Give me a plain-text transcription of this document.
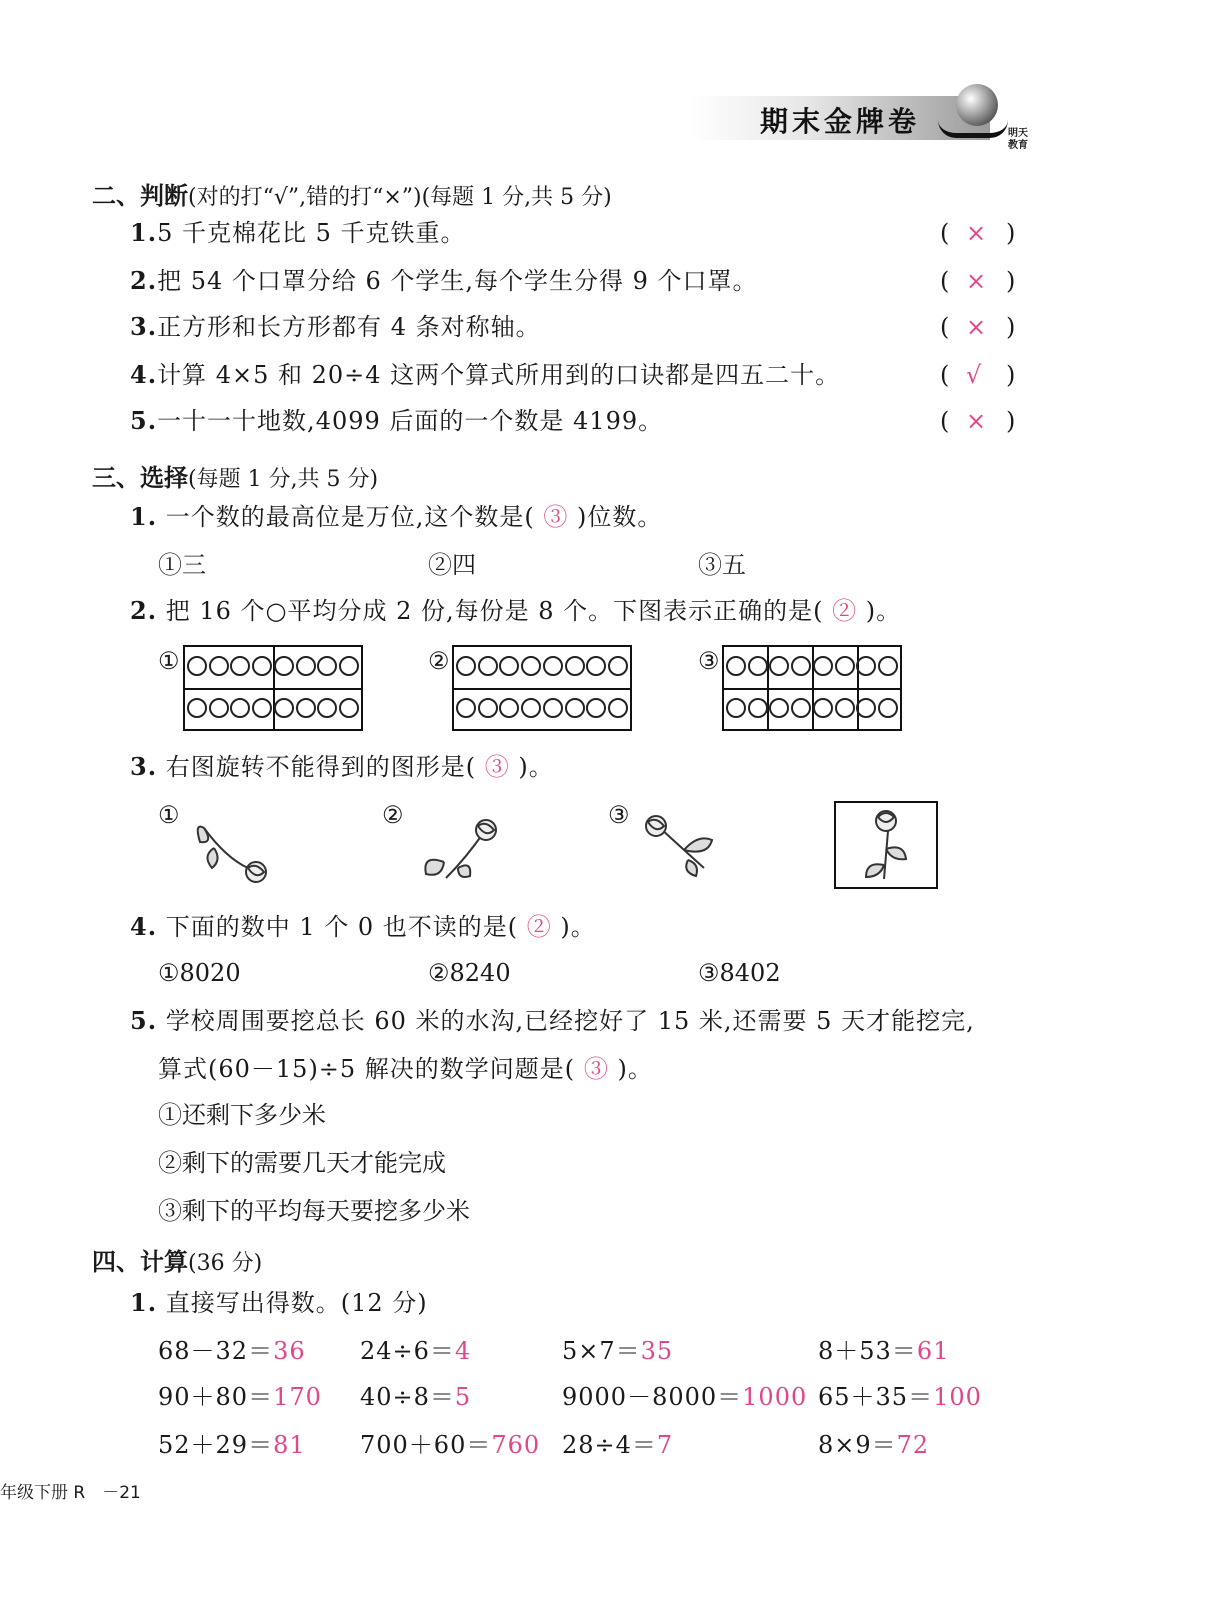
期末金牌卷	明天
教育
二、判断(对的打“√”,错的打“×”)(每题 1 分,共 5 分)
1.5 千克棉花比 5 千克铁重。	( × )
2.把 54 个口罩分给 6 个学生,每个学生分得 9 个口罩。	( × )
3.正方形和长方形都有 4 条对称轴。	( × )
4.计算 4×5 和 20÷4 这两个算式所用到的口诀都是四五二十。	( √ )
5.一十一十地数,4099 后面的一个数是 4199。	( × )
三、选择(每题 1 分,共 5 分)
1. 一个数的最高位是万位,这个数是( ③ )位数。
①三	②四	③五
2. 把 16 个○平均分成 2 份,每份是 8 个。下图表示正确的是( ② )。
①	②	③
3. 右图旋转不能得到的图形是( ③ )。
①	②	③
4. 下面的数中 1 个 0 也不读的是( ② )。
①8020	②8240	③8402
5. 学校周围要挖总长 60 米的水沟,已经挖好了 15 米,还需要 5 天才能挖完,
算式(60－15)÷5 解决的数学问题是( ③ )。
①还剩下多少米
②剩下的需要几天才能完成
③剩下的平均每天要挖多少米
四、计算(36 分)
1. 直接写出得数。(12 分)
68－32＝36 24÷6＝4	5×7＝35	8＋53＝61
90＋80＝170 40÷8＝5	9000－8000＝1000 65＋35＝100
52＋29＝81 700＋60＝760 28÷4＝7	8×9＝72
年级下册 R　－21
